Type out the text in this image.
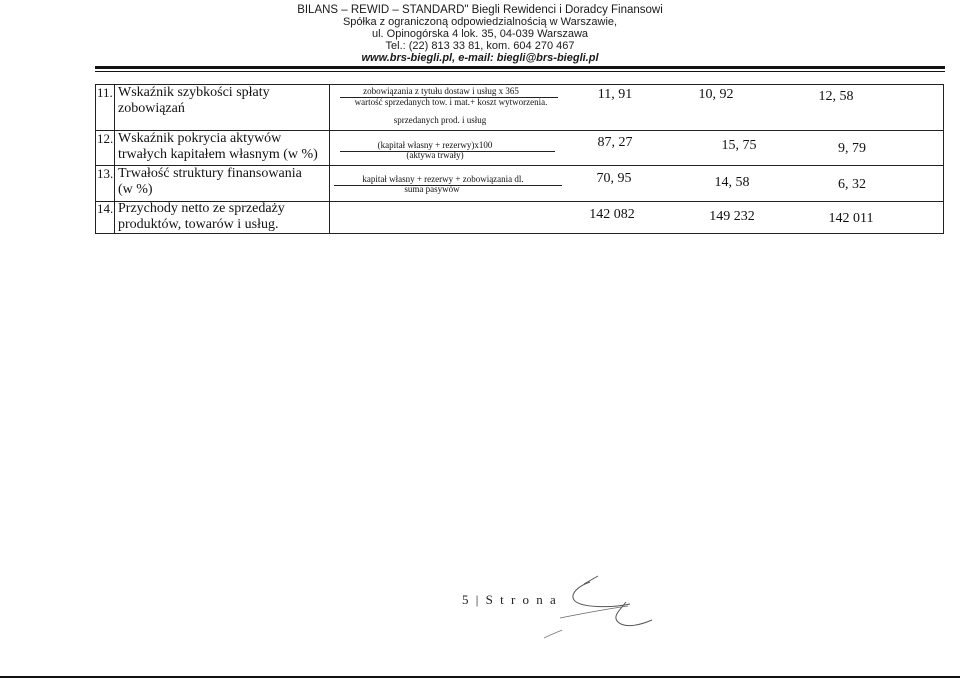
BILANS – REWID – STANDARD" Biegli Rewidenci i Doradcy Finansowi
Spółka z ograniczoną odpowiedzialnością w Warszawie,
ul. Opinogórska 4 lok. 35, 04-039 Warszawa
Tel.: (22) 813 33 81, kom. 604 270 467
www.brs-biegli.pl, e-mail: biegli@brs-biegli.pl
11. Wskaźnik szybkości spłaty
zobowiązań
zobowiązania z tytułu dostaw i usług x 365
wartość sprzedanych tow. i mat.+ koszt wytworzenia.
sprzedanych prod. i usług
11, 91	10, 92	12, 58
12. Wskaźnik pokrycia aktywów
trwałych kapitałem własnym (w %)
(kapitał własny + rezerwy)x100
(aktywa trwały)
87, 27	15, 75	9, 79
13. Trwałość struktury finansowania
(w %)
kapitał własny + rezerwy + zobowiązania dl.
suma pasywów
70, 95	14, 58	6, 32
14. Przychody netto ze sprzedaży
produktów, towarów i usług.
142 082	149 232	142 011
5 | S t r o n a
